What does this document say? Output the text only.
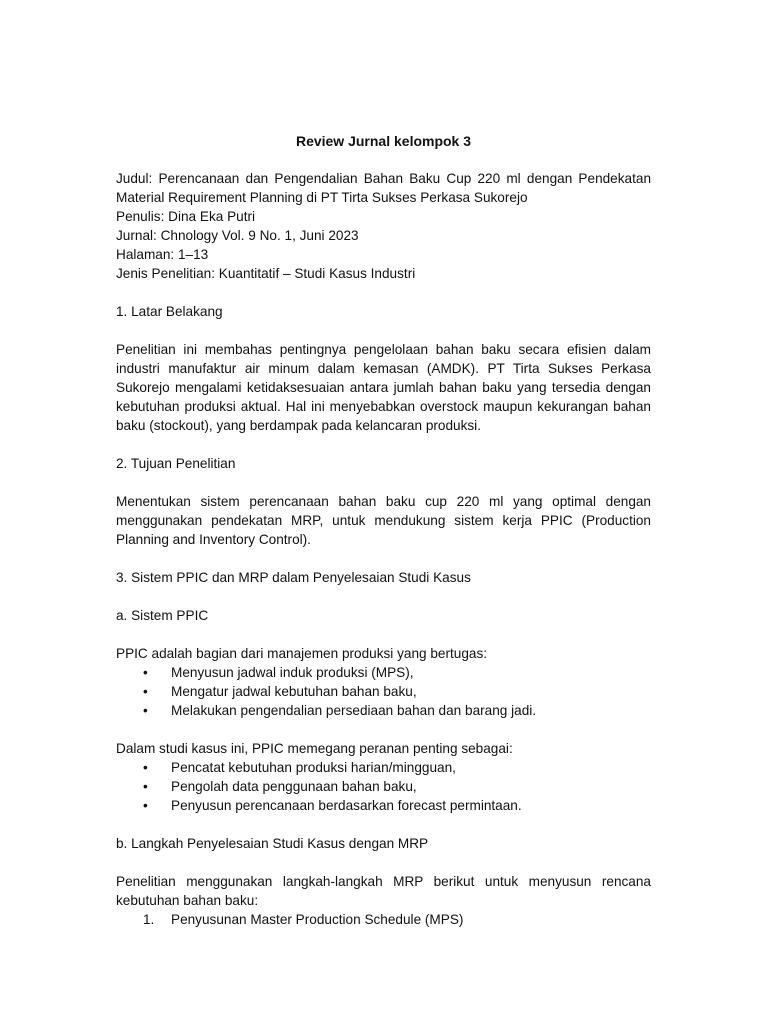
Review Jurnal kelompok 3

Judul: Perencanaan dan Pengendalian Bahan Baku Cup 220 ml dengan Pendekatan Material Requirement Planning di PT Tirta Sukses Perkasa Sukorejo

Penulis: Dina Eka Putri

Jurnal: Chnology Vol. 9 No. 1, Juni 2023

Halaman: 1–13

Jenis Penelitian: Kuantitatif – Studi Kasus Industri

1. Latar Belakang

Penelitian ini membahas pentingnya pengelolaan bahan baku secara efisien dalam industri manufaktur air minum dalam kemasan (AMDK). PT Tirta Sukses Perkasa Sukorejo mengalami ketidaksesuaian antara jumlah bahan baku yang tersedia dengan kebutuhan produksi aktual. Hal ini menyebabkan overstock maupun kekurangan bahan baku (stockout), yang berdampak pada kelancaran produksi.

2. Tujuan Penelitian

Menentukan sistem perencanaan bahan baku cup 220 ml yang optimal dengan menggunakan pendekatan MRP, untuk mendukung sistem kerja PPIC (Production Planning and Inventory Control).

3. Sistem PPIC dan MRP dalam Penyelesaian Studi Kasus

a. Sistem PPIC

PPIC adalah bagian dari manajemen produksi yang bertugas:

• Menyusun jadwal induk produksi (MPS),
• Mengatur jadwal kebutuhan bahan baku,
• Melakukan pengendalian persediaan bahan dan barang jadi.

Dalam studi kasus ini, PPIC memegang peranan penting sebagai:

• Pencatat kebutuhan produksi harian/mingguan,
• Pengolah data penggunaan bahan baku,
• Penyusun perencanaan berdasarkan forecast permintaan.

b. Langkah Penyelesaian Studi Kasus dengan MRP

Penelitian menggunakan langkah-langkah MRP berikut untuk menyusun rencana kebutuhan bahan baku:

1. Penyusunan Master Production Schedule (MPS)
